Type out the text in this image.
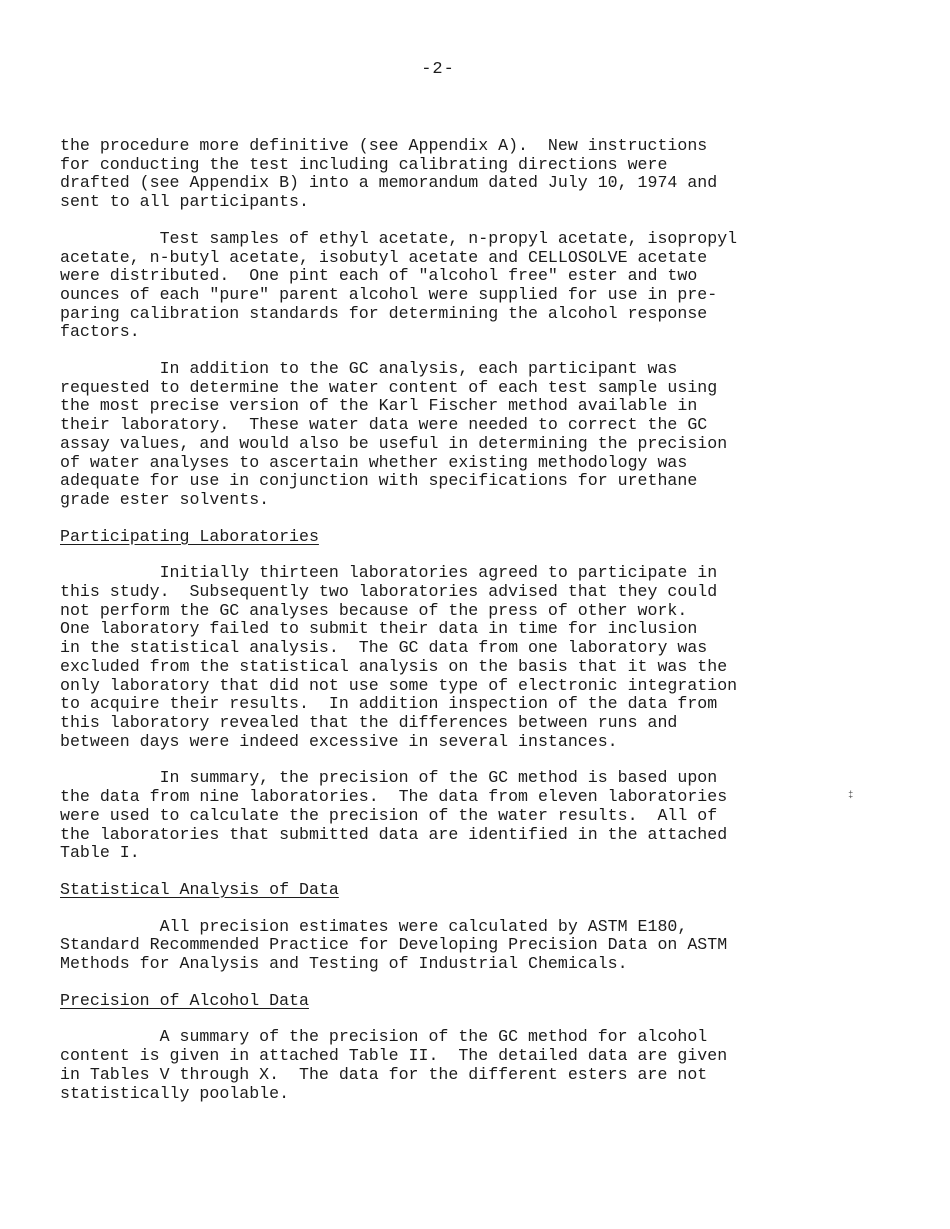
-2-

the procedure more definitive (see Appendix A).  New instructions
for conducting the test including calibrating directions were
drafted (see Appendix B) into a memorandum dated July 10, 1974 and
sent to all participants.

Test samples of ethyl acetate, n-propyl acetate, isopropyl
acetate, n-butyl acetate, isobutyl acetate and CELLOSOLVE acetate
were distributed.  One pint each of "alcohol free" ester and two
ounces of each "pure" parent alcohol were supplied for use in pre-
paring calibration standards for determining the alcohol response
factors.

In addition to the GC analysis, each participant was
requested to determine the water content of each test sample using
the most precise version of the Karl Fischer method available in
their laboratory.  These water data were needed to correct the GC
assay values, and would also be useful in determining the precision
of water analyses to ascertain whether existing methodology was
adequate for use in conjunction with specifications for urethane
grade ester solvents.

Participating Laboratories

Initially thirteen laboratories agreed to participate in
this study.  Subsequently two laboratories advised that they could
not perform the GC analyses because of the press of other work.
One laboratory failed to submit their data in time for inclusion
in the statistical analysis.  The GC data from one laboratory was
excluded from the statistical analysis on the basis that it was the
only laboratory that did not use some type of electronic integration
to acquire their results.  In addition inspection of the data from
this laboratory revealed that the differences between runs and
between days were indeed excessive in several instances.

In summary, the precision of the GC method is based upon
the data from nine laboratories.  The data from eleven laboratories
were used to calculate the precision of the water results.  All of
the laboratories that submitted data are identified in the attached
Table I.

Statistical Analysis of Data

All precision estimates were calculated by ASTM E180,
Standard Recommended Practice for Developing Precision Data on ASTM
Methods for Analysis and Testing of Industrial Chemicals.

Precision of Alcohol Data

A summary of the precision of the GC method for alcohol
content is given in attached Table II.  The detailed data are given
in Tables V through X.  The data for the different esters are not
statistically poolable.

‡
